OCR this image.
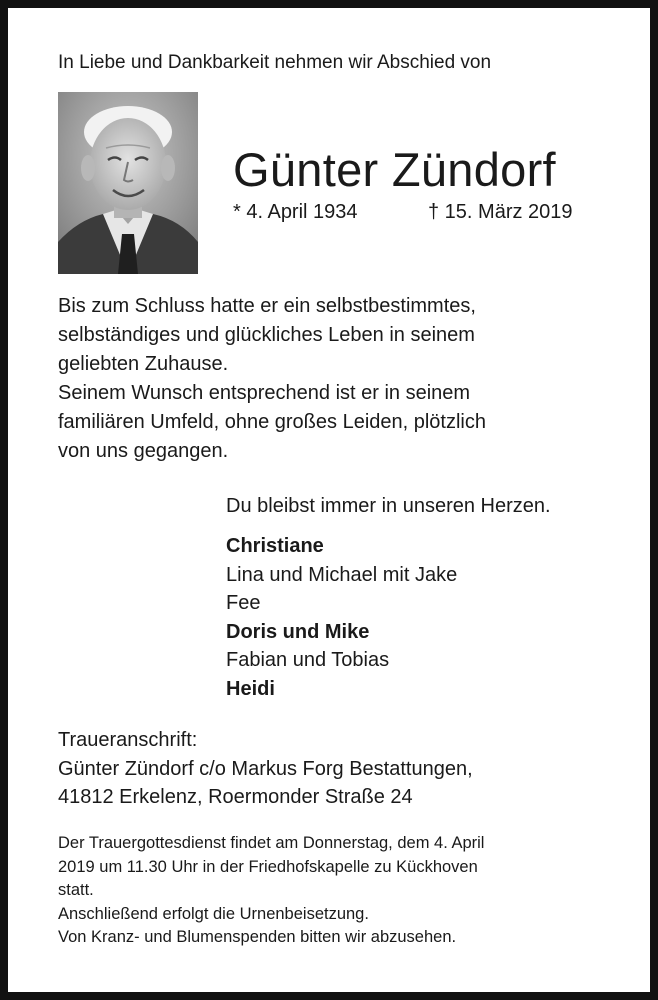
In Liebe und Dankbarkeit nehmen wir Abschied von
Günter Zündorf
* 4. April 1934	† 15. März 2019
Bis zum Schluss hatte er ein selbstbestimmtes,
selbständiges und glückliches Leben in seinem
geliebten Zuhause.
Seinem Wunsch entsprechend ist er in seinem
familiären Umfeld, ohne großes Leiden, plötzlich
von uns gegangen.
Du bleibst immer in unseren Herzen.
Christiane
Lina und Michael mit Jake
Fee
Doris und Mike
Fabian und Tobias
Heidi
Traueranschrift:
Günter Zündorf c/o Markus Forg Bestattungen,
41812 Erkelenz, Roermonder Straße 24
Der Trauergottesdienst findet am Donnerstag, dem 4. April
2019 um 11.30 Uhr in der Friedhofskapelle zu Kückhoven
statt.
Anschließend erfolgt die Urnenbeisetzung.
Von Kranz- und Blumenspenden bitten wir abzusehen.
